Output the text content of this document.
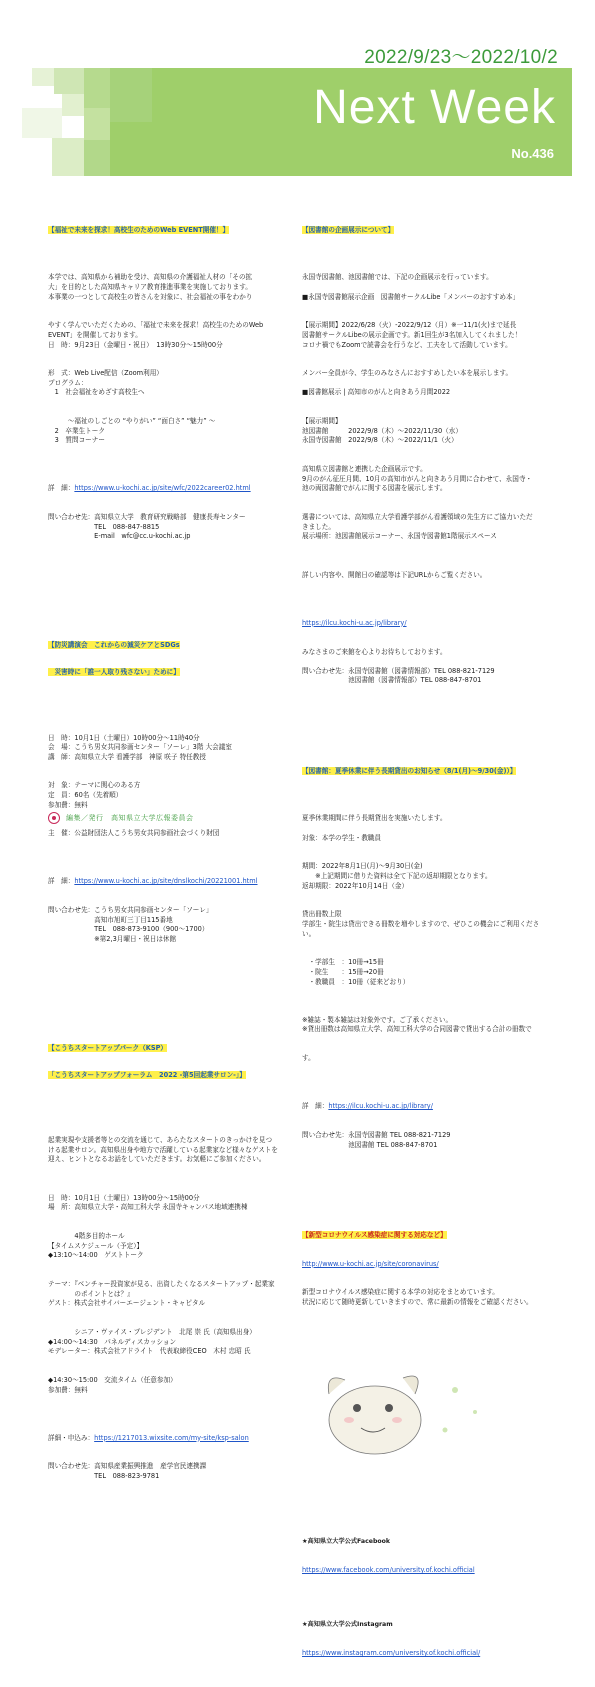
2022/9/23～2022/10/2
Next Week
No.436

【福祉で未来を探求！高校生のためのWeb EVENT開催！】

本学では、高知県から補助を受け、高知県の介護福祉人材の「その拡
大」を目的とした高知県キャリア教育推進事業を実施しております。
本事業の一つとして高校生の皆さんを対象に、社会福祉の事をわかり

やすく学んでいただくための、「福祉で未来を探求！高校生のためのWeb
EVENT」を開催しております。
日　時：9月23日（金曜日・祝日）　13時30分～15時00分

形　式：Web Live配信（Zoom利用）
プログラム：
　1　社会福祉をめざす高校生へ

　　　～福祉のしごとの “やりがい” “面白さ” “魅力” ～
　2　卒業生トーク
　3　質問コーナー

詳　細：https://www.u-kochi.ac.jp/site/wfc/2022career02.html

問い合わせ先：高知県立大学　教育研究戦略部　健康長寿センター
　　　　　　　TEL　088-847-8815
　　　　　　　E-mail　wfc@cc.u-kochi.ac.jp

【防災講演会　これからの減災ケアとSDGs

　災害時に「誰一人取り残さない」ために】

日　時：10月1日（土曜日）10時00分～11時40分
会　場：こうち男女共同参画センター「ソーレ」3階 大会議室
講　師：高知県立大学 看護学部　神原 咲子 特任教授

対　象：テーマに関心のある方
定　員：60名（先着順）
参加費：無料

主　催：公益財団法人こうち男女共同参画社会づくり財団

詳　細：https://www.u-kochi.ac.jp/site/dnslkochi/20221001.html

問い合わせ先：こうち男女共同参画センター「ソーレ」
　　　　　　　高知市旭町三丁目115番地
　　　　　　　TEL　088-873-9100（900～1700）
　　　　　　　※第2,3月曜日・祝日は休館

【こうちスタートアップパーク（KSP）

「こうちスタートアップフォーラム　2022 -第5回起業サロン-」】

起業実現や支援者等との交流を通じて、あらたなスタートのきっかけを見つ
ける起業サロン。高知県出身や地方で活躍している起業家など様々なゲストを
迎え、ヒントとなるお話をしていただきます。お気軽にご参加ください。

日　時：10月1日（土曜日）13時00分～15時00分
場　所：高知県立大学・高知工科大学 永国寺キャンパス地域連携棟

　　　　4階多目的ホール
【タイムスケジュール（予定）】
◆13:10～14:00　ゲストトーク

テーマ：『ベンチャー投資家が見る、出資したくなるスタートアップ・起業家
　　　　のポイントとは？』
ゲスト：株式会社サイバーエージェント・キャピタル

　　　　シニア・ヴァイス・プレジデント　北尾 崇 氏（高知県出身）
◆14:00～14:30　パネルディスカッション
モデレーター：株式会社アドライト　代表取締役CEO　木村 忠昭 氏

◆14:30～15:00　交流タイム（任意参加）
参加費：無料

詳細・申込み：https://1217013.wixsite.com/my-site/ksp-salon

問い合わせ先：高知県産業振興推進　産学官民連携課
　　　　　　　TEL　088-823-9781

【図書館の企画展示について】

永国寺図書館、池図書館では、下記の企画展示を行っています。

■永国寺図書館展示企画　図書館サークルLibe「メンバーのおすすめ本」

【展示期間】2022/6/28（火）-2022/9/12（月）※一11/1(火)まで延長
図書館サークルLibeの展示企画です。新1回生が3名加入してくれました！
コロナ禍でもZoomで読書会を行うなど、工夫をして活動しています。

メンバー全員が今、学生のみなさんにおすすめしたい本を展示します。

■図書館展示 | 高知市のがんと向きあう月間2022

【展示期間】
池図書館　　　2022/9/8（木）～2022/11/30（水）
永国寺図書館　2022/9/8（木）～2022/11/1（火）

高知県立図書館と連携した企画展示です。
9月のがん征圧月間、10月の高知市がんと向きあう月間に合わせて、永国寺・
池の両図書館でがんに関する図書を展示します。

選書については、高知県立大学看護学部がん看護領域の先生方にご協力いただ
きました。
展示場所：池図書館展示コーナー、永国寺図書館1階展示スペース

詳しい内容や、開館日の確認等は下記URLからご覧ください。

https://ilcu.kochi-u.ac.jp/library/

みなさまのご来館を心よりお待ちしております。

問い合わせ先：永国寺図書館（図書情報部）TEL 088-821-7129
　　　　　　　池図書館（図書情報部）TEL 088-847-8701

【図書館：夏季休業に伴う長期貸出のお知らせ（8/1(月)～9/30(金)）】

夏季休業期間に伴う長期貸出を実施いたします。

対象：本学の学生・教職員

期間：2022年8月1日(月)～9月30日(金)
　　※上記期間に借りた資料は全て下記の返却期限となります。
返却期限：2022年10月14日（金）

貸出冊数上限
学部生・院生は貸出できる冊数を増やしますので、ぜひこの機会にご利用くださ
い。

　・学部生　：10冊→15冊
　・院生　　：15冊→20冊
　・教職員　：10冊（従来どおり）

※雑誌・製本雑誌は対象外です。ご了承ください。
※貸出冊数は高知県立大学、高知工科大学の合同図書で貸出する合計の冊数で

す。

詳　細：https://ilcu.kochi-u.ac.jp/library/

問い合わせ先：永国寺図書館 TEL 088-821-7129
　　　　　　　池図書館 TEL 088-847-8701

【新型コロナウイルス感染症に関する対応など】

http://www.u-kochi.ac.jp/site/coronavirus/

新型コロナウイルス感染症に関する本学の対応をまとめています。
状況に応じて随時更新していきますので、常に最新の情報をご確認ください。

★高知県立大学公式Facebook

https://www.facebook.com/university.of.kochi.official

★高知県立大学公式Instagram

https://www.instagram.com/university.of.kochi.official/

編集／発行　高知県立大学広報委員会
